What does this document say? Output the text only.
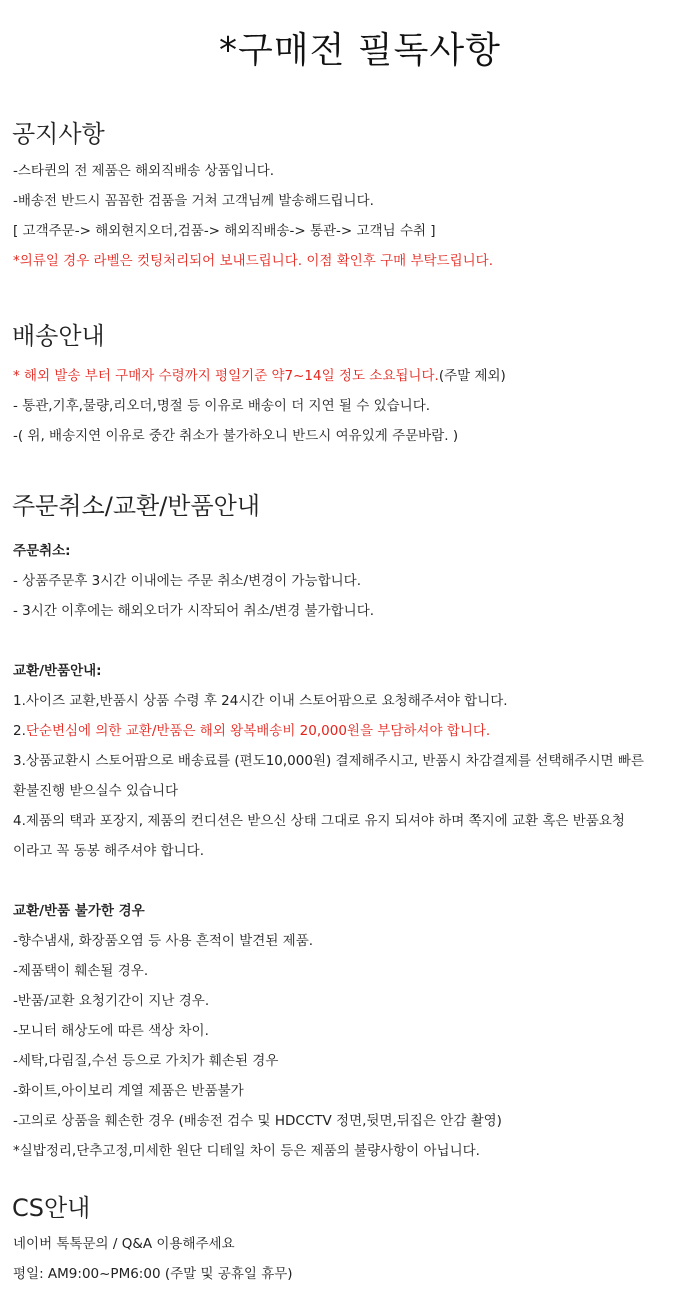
*구매전 필독사항
공지사항
-스타퀸의 전 제품은 해외직배송 상품입니다.
-배송전 반드시 꼼꼼한 검품을 거쳐 고객님께 발송해드립니다.
[ 고객주문-> 해외현지오더,검품-> 해외직배송-> 통관-> 고객님 수취 ]
*의류일 경우 라벨은 컷팅처리되어 보내드립니다. 이점 확인후 구매 부탁드립니다.
배송안내
* 해외 발송 부터 구매자 수령까지 평일기준 약7~14일 정도 소요됩니다.(주말 제외)
- 통관,기후,물량,리오더,명절 등 이유로 배송이 더 지연 될 수 있습니다.
-( 위, 배송지연 이유로 중간 취소가 불가하오니 반드시 여유있게 주문바람. )
주문취소/교환/반품안내
주문취소:
- 상품주문후 3시간 이내에는 주문 취소/변경이 가능합니다.
- 3시간 이후에는 해외오더가 시작되어 취소/변경 불가합니다.
교환/반품안내:
1.사이즈 교환,반품시 상품 수령 후 24시간 이내 스토어팜으로 요청해주셔야 합니다.
2.단순변심에 의한 교환/반품은 해외 왕복배송비 20,000원을 부담하셔야 합니다.
3.상품교환시 스토어팜으로 배송료를 (편도10,000원) 결제해주시고, 반품시 차감결제를 선택해주시면 빠른
환불진행 받으실수 있습니다
4.제품의 택과 포장지, 제품의 컨디션은 받으신 상태 그대로 유지 되셔야 하며 쪽지에 교환 혹은 반품요청
이라고 꼭 동봉 해주셔야 합니다.
교환/반품 불가한 경우
-향수냄새, 화장품오염 등 사용 흔적이 발견된 제품.
-제품택이 훼손될 경우.
-반품/교환 요청기간이 지난 경우.
-모니터 해상도에 따른 색상 차이.
-세탁,다림질,수선 등으로 가치가 훼손된 경우
-화이트,아이보리 계열 제품은 반품불가
-고의로 상품을 훼손한 경우 (배송전 검수 및 HDCCTV 정면,뒷면,뒤집은 안감 촬영)
*실밥정리,단추고정,미세한 원단 디테일 차이 등은 제품의 불량사항이 아닙니다.
CS안내
네이버 톡톡문의 / Q&A 이용해주세요
평일: AM9:00~PM6:00 (주말 및 공휴일 휴무)
